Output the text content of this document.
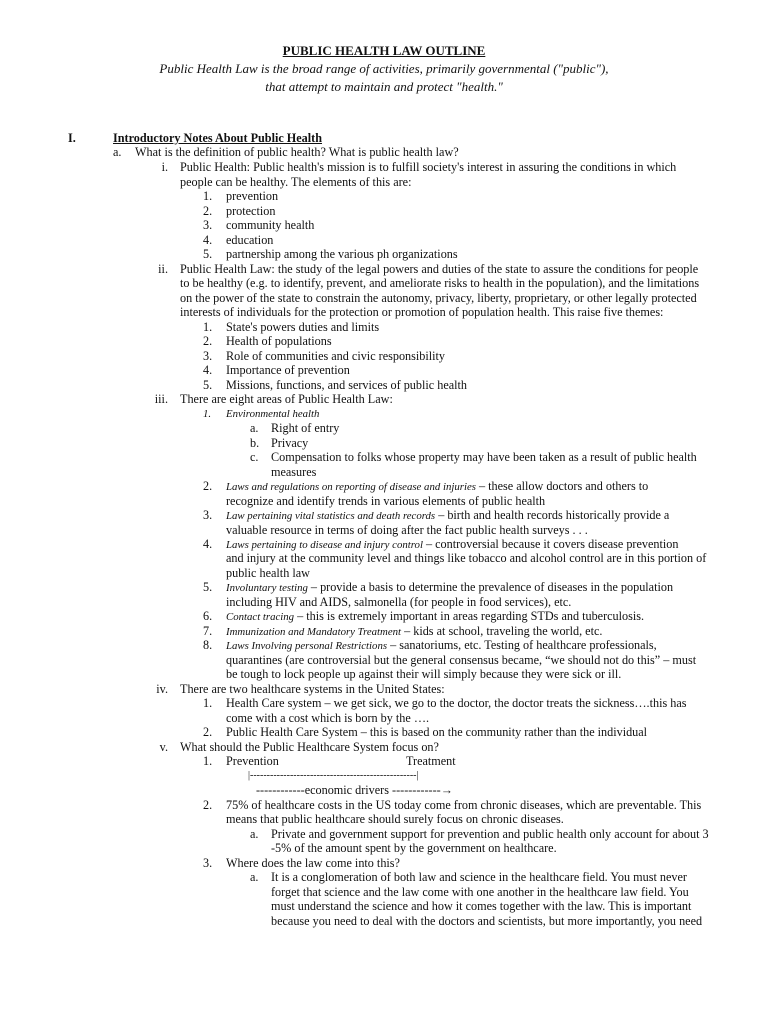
PUBLIC HEALTH LAW OUTLINE
Public Health Law is the broad range of activities, primarily governmental ("public"),
that attempt to maintain and protect "health."
I.	Introductory Notes About Public Health
a. What is the definition of public health? What is public health law?
i. Public Health: Public health's mission is to fulfill society's interest in assuring the conditions in which
people can be healthy. The elements of this are:
1. prevention
2. protection
3. community health
4. education
5. partnership among the various ph organizations
ii. Public Health Law: the study of the legal powers and duties of the state to assure the conditions for people
to be healthy (e.g. to identify, prevent, and ameliorate risks to health in the population), and the limitations
on the power of the state to constrain the autonomy, privacy, liberty, proprietary, or other legally protected
interests of individuals for the protection or promotion of population health. This raise five themes:
1. State's powers duties and limits
2. Health of populations
3. Role of communities and civic responsibility
4. Importance of prevention
5. Missions, functions, and services of public health
iii. There are eight areas of Public Health Law:
1. Environmental health
a. Right of entry
b. Privacy
c. Compensation to folks whose property may have been taken as a result of public health
measures
2. Laws and regulations on reporting of disease and injuries – these allow doctors and others to
recognize and identify trends in various elements of public health
3. Law pertaining vital statistics and death records – birth and health records historically provide a
valuable resource in terms of doing after the fact public health surveys . . .
4. Laws pertaining to disease and injury control – controversial because it covers disease prevention
and injury at the community level and things like tobacco and alcohol control are in this portion of
public health law
5. Involuntary testing – provide a basis to determine the prevalence of diseases in the population
including HIV and AIDS, salmonella (for people in food services), etc.
6. Contact tracing – this is extremely important in areas regarding STDs and tuberculosis.
7. Immunization and Mandatory Treatment – kids at school, traveling the world, etc.
8. Laws Involving personal Restrictions – sanatoriums, etc. Testing of healthcare professionals,
quarantines (are controversial but the general consensus became, “we should not do this” – must
be tough to lock people up against their will simply because they were sick or ill.
iv. There are two healthcare systems in the United States:
1. Health Care system – we get sick, we go to the doctor, the doctor treats the sickness….this has
come with a cost which is born by the ….
2. Public Health Care System – this is based on the community rather than the individual
v. What should the Public Healthcare System focus on?
1. Prevention	Treatment
|--------------------------------------------------|
------------economic drivers ------------→
2. 75% of healthcare costs in the US today come from chronic diseases, which are preventable. This
means that public healthcare should surely focus on chronic diseases.
a. Private and government support for prevention and public health only account for about 3
-5% of the amount spent by the government on healthcare.
3. Where does the law come into this?
a. It is a conglomeration of both law and science in the healthcare field. You must never
forget that science and the law come with one another in the healthcare law field. You
must understand the science and how it comes together with the law. This is important
because you need to deal with the doctors and scientists, but more importantly, you need
